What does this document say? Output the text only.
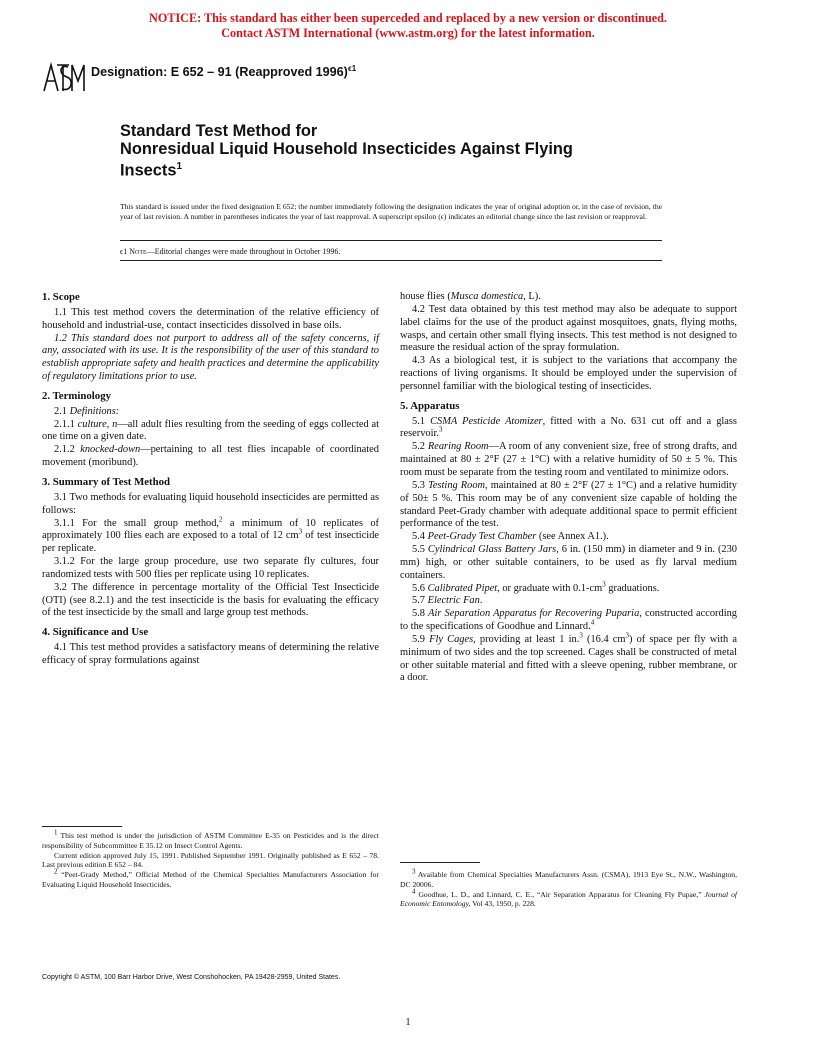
NOTICE: This standard has either been superceded and replaced by a new version or discontinued.
Contact ASTM International (www.astm.org) for the latest information.
Designation: E 652 – 91 (Reapproved 1996)$^{\epsilon 1}$
Standard Test Method for
Nonresidual Liquid Household Insecticides Against Flying
Insects$^1$
This standard is issued under the fixed designation E 652; the number immediately following the designation indicates the year of original adoption or, in the case of revision, the year of last revision. A number in parentheses indicates the year of last reapproval. A superscript epsilon (ϵ) indicates an editorial change since the last revision or reapproval.
ϵ1 Note—Editorial changes were made throughout in October 1996.
1. Scope

1.1 This test method covers the determination of the relative efficiency of household and industrial-use, contact insecticides dissolved in base oils.

1.2 This standard does not purport to address all of the safety concerns, if any, associated with its use. It is the responsibility of the user of this standard to establish appropriate safety and health practices and determine the applicability of regulatory limitations prior to use.

2. Terminology

2.1 Definitions:

2.1.1 culture, n—all adult flies resulting from the seeding of eggs collected at one time on a given date.

2.1.2 knocked-down—pertaining to all test flies incapable of coordinated movement (moribund).

3. Summary of Test Method

3.1 Two methods for evaluating liquid household insecticides are permitted as follows:

3.1.1 For the small group method,$^2$ a minimum of 10 replicates of approximately 100 flies each are exposed to a total of 12 $cm^3$ of test insecticide per replicate.

3.1.2 For the large group procedure, use two separate fly cultures, four randomized tests with 500 flies per replicate using 10 replicates.

3.2 The difference in percentage mortality of the Official Test Insecticide (OTI) (see 8.2.1) and the test insecticide is the basis for evaluating the efficacy of the test insecticide by the small and large group test methods.

4. Significance and Use

4.1 This test method provides a satisfactory means of determining the relative efficacy of spray formulations against

$^1$ This test method is under the jurisdiction of ASTM Committee E-35 on Pesticides and is the direct responsibility of Subcommittee E 35.12 on Insect Control Agents.

Current edition approved July 15, 1991. Published September 1991. Originally published as E 652 – 78. Last previous edition E 652 – 84.

$^2$ “Peet-Grady Method,” Official Method of the Chemical Specialties Manufacturers Association for Evaluating Liquid Household Insecticides.

house flies (Musca domestica, L).

4.2 Test data obtained by this test method may also be adequate to support label claims for the use of the product against mosquitoes, gnats, flying moths, wasps, and certain other small flying insects. This test method is not designed to measure the residual action of the spray formulation.

4.3 As a biological test, it is subject to the variations that accompany the reactions of living organisms. It should be employed under the supervision of personnel familiar with the biological testing of insecticides.

5. Apparatus

5.1 CSMA Pesticide Atomizer, fitted with a No. 631 cut off and a glass reservoir.$^3$

5.2 Rearing Room—A room of any convenient size, free of strong drafts, and maintained at 80 ± 2°F (27 ± 1°C) with a relative humidity of 50 ± 5 %. This room must be separate from the testing room and ventilated to minimize odors.

5.3 Testing Room, maintained at 80 ± 2°F (27 ± 1°C) and a relative humidity of 50± 5 %. This room may be of any convenient size capable of holding the standard Peet-Grady chamber with adequate additional space to permit efficient performance of the test.

5.4 Peet-Grady Test Chamber (see Annex A1.).

5.5 Cylindrical Glass Battery Jars, 6 in. (150 mm) in diameter and 9 in. (230 mm) high, or other suitable containers, to be used as fly larval medium containers.

5.6 Calibrated Pipet, or graduate with $0.1-cm^3$ graduations.

5.7 Electric Fan.

5.8 Air Separation Apparatus for Recovering Puparia, constructed according to the specifications of Goodhue and Linnard.$^4$

5.9 Fly Cages, providing at least 1 in.$^3$ (16.4 $cm^3$) of space per fly with a minimum of two sides and the top screened. Cages shall be constructed of metal or other suitable material and fitted with a sleeve opening, rubber membrane, or a door.

$^3$ Available from Chemical Specialties Manufacturers Assn. (CSMA), 1913 Eye St., N.W., Washington, DC 20006.

$^4$ Goodhue, L. D., and Linnard, C. E., “Air Separation Apparatus for Cleaning Fly Pupae,” Journal of Economic Entomology, Vol 43, 1950, p. 228.

Copyright © ASTM, 100 Barr Harbor Drive, West Conshohocken, PA 19428-2959, United States.
1
